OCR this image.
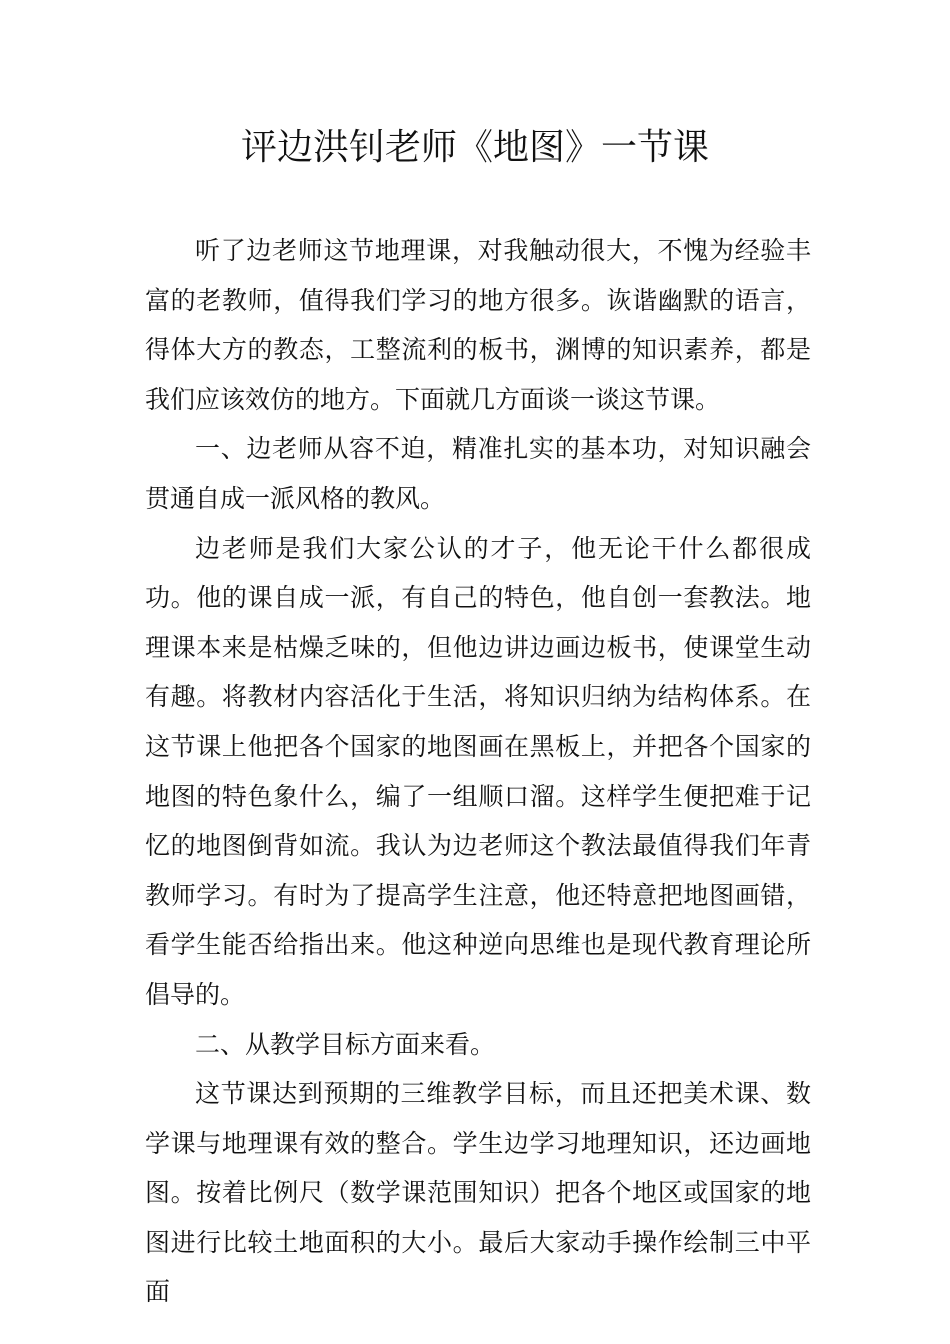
评边洪钊老师《地图》一节课

听了边老师这节地理课，对我触动很大，不愧为经验丰富的老教师，值得我们学习的地方很多。诙谐幽默的语言，得体大方的教态，工整流利的板书，渊博的知识素养，都是我们应该效仿的地方。下面就几方面谈一谈这节课。

一、边老师从容不迫，精准扎实的基本功，对知识融会贯通自成一派风格的教风。

边老师是我们大家公认的才子，他无论干什么都很成功。他的课自成一派，有自己的特色，他自创一套教法。地理课本来是枯燥乏味的，但他边讲边画边板书，使课堂生动有趣。将教材内容活化于生活，将知识归纳为结构体系。在这节课上他把各个国家的地图画在黑板上，并把各个国家的地图的特色象什么，编了一组顺口溜。这样学生便把难于记忆的地图倒背如流。我认为边老师这个教法最值得我们年青教师学习。有时为了提高学生注意，他还特意把地图画错，看学生能否给指出来。他这种逆向思维也是现代教育理论所倡导的。

二、从教学目标方面来看。

这节课达到预期的三维教学目标，而且还把美术课、数学课与地理课有效的整合。学生边学习地理知识，还边画地图。按着比例尺（数学课范围知识）把各个地区或国家的地图进行比较土地面积的大小。最后大家动手操作绘制三中平面
